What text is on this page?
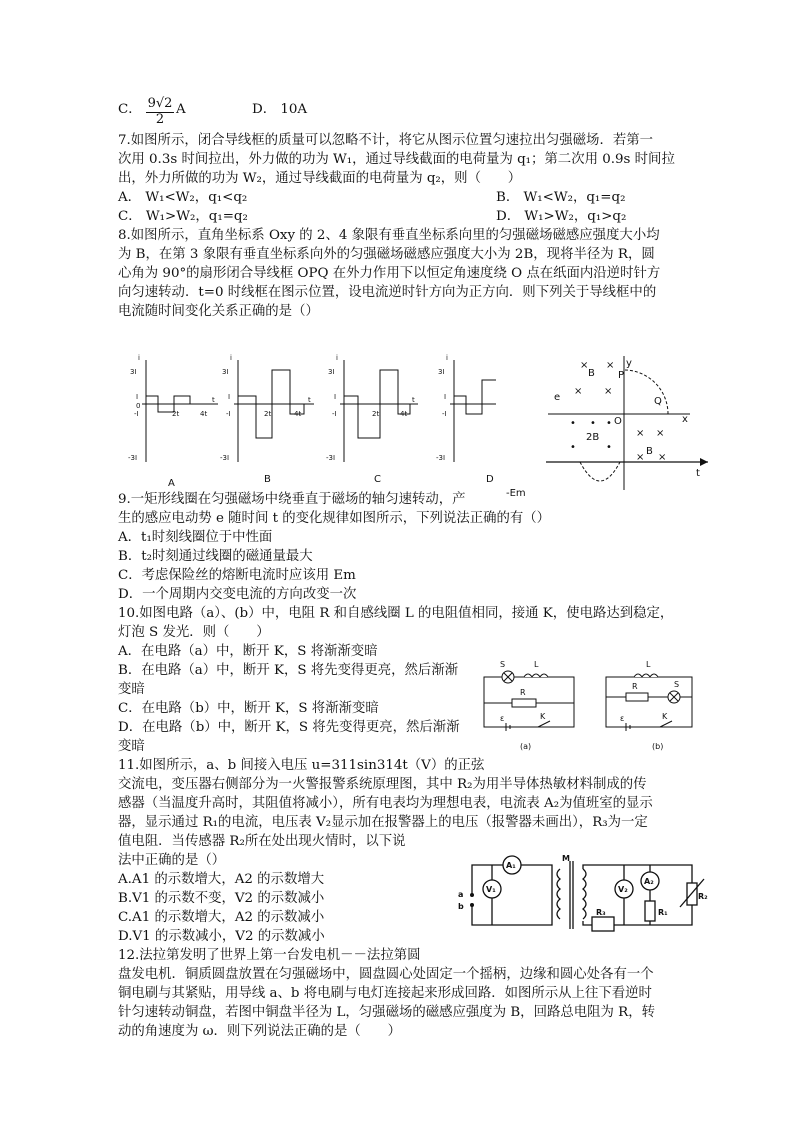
C． $\frac{9√2}{2}$ A	D． 10A
7.如图所示，闭合导线框的质量可以忽略不计，将它从图示位置匀速拉出匀强磁场．若第一
次用 0.3s 时间拉出，外力做的功为 W₁，通过导线截面的电荷量为 q₁；第二次用 0.9s 时间拉
出，外力所做的功为 W₂，通过导线截面的电荷量为 q₂，则（　　）
A． W₁<W₂，q₁<q₂	B． W₁<W₂，q₁=q₂
C． W₁>W₂，q₁=q₂	D． W₁>W₂，q₁>q₂
8.如图所示，直角坐标系 Oxy 的 2、4 象限有垂直坐标系向里的匀强磁场磁感应强度大小均
为 B，在第 3 象限有垂直坐标系向外的匀强磁场磁感应强度大小为 2B，现将半径为 R，圆
心角为 90°的扇形闭合导线框 OPQ 在外力作用下以恒定角速度绕 O 点在纸面内沿逆时针方
向匀速转动．t=0 时线框在图示位置，设电流逆时针方向为正方向．则下列关于导线框中的
电流随时间变化关系正确的是（）
i
t
3I
I
0
-I
-3I
2t	4t
i
t
3I
I
-I
-3I
2t	4t
i
t
3I
I
-I
-3I
2t	4t
i
3I
I
-I
-3I
A	B	C	D
× ×
B
× ×
y
P
Q
O	x
e
2B
• • •
•	•
× ×
×
B
×
-Em
t
9.一矩形线圈在匀强磁场中绕垂直于磁场的轴匀速转动，产
生的感应电动势 e 随时间 t 的变化规律如图所示，下列说法正确的有（）
A．t₁时刻线圈位于中性面
B．t₂时刻通过线圈的磁通量最大
C．考虑保险丝的熔断电流时应该用 Em
D．一个周期内交变电流的方向改变一次
10.如图电路（a）、(b）中，电阻 R 和自感线圈 L 的电阻值相同，接通 K，使电路达到稳定，
灯泡 S 发光．则（　　）
A．在电路（a）中，断开 K，S 将渐渐变暗
B．在电路（a）中，断开 K，S 将先变得更亮，然后渐渐
变暗
C．在电路（b）中，断开 K，S 将渐渐变暗
D．在电路（b）中，断开 K，S 将先变得更亮，然后渐渐
变暗
S	L
R
ε	K
(a)
L
R	S
ε	K
(b)
11.如图所示，a、b 间接入电压 u=311sin314t（V）的正弦
交流电，变压器右侧部分为一火警报警系统原理图，其中 R₂为用半导体热敏材料制成的传
感器（当温度升高时，其阻值将减小），所有电表均为理想电表，电流表 A₂为值班室的显示
器，显示通过 R₁的电流，电压表 V₂显示加在报警器上的电压（报警器未画出），R₃为一定
值电阻．当传感器 R₂所在处出现火情时，以下说
法中正确的是（）
A.A1 的示数增大，A2 的示数增大
B.V1 的示数不变，V2 的示数减小
C.A1 的示数增大，A2 的示数减小
D.V1 的示数减小，V2 的示数减小
a
b
A₁
V₁
M
V₂
A₂
R₁
R₂
R₃
12.法拉第发明了世界上第一台发电机－－法拉第圆
盘发电机．铜质圆盘放置在匀强磁场中，圆盘圆心处固定一个摇柄，边缘和圆心处各有一个
铜电刷与其紧贴，用导线 a、b 将电刷与电灯连接起来形成回路．如图所示从上往下看逆时
针匀速转动铜盘，若图中铜盘半径为 L，匀强磁场的磁感应强度为 B，回路总电阻为 R，转
动的角速度为 ω．则下列说法正确的是（　　）
